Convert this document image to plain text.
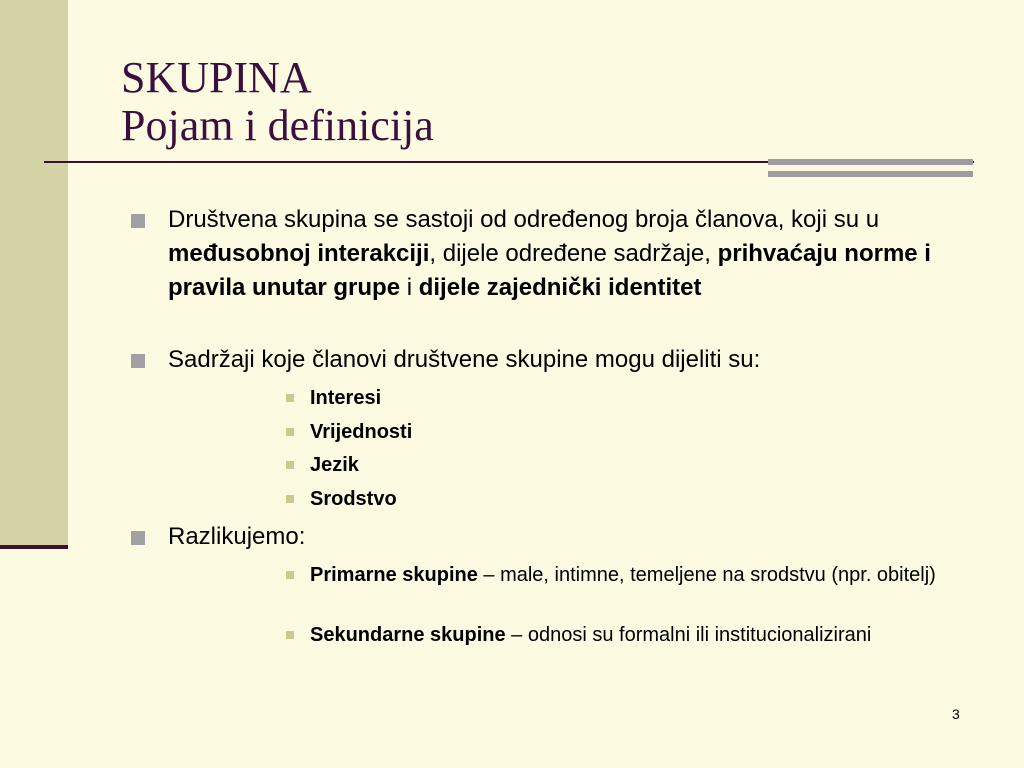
SKUPINA
Pojam i definicija
Društvena skupina se sastoji od određenog broja članova, koji su u međusobnoj interakciji, dijele određene sadržaje, prihvaćaju norme i pravila unutar grupe i dijele zajednički identitet
Sadržaji koje članovi društvene skupine mogu dijeliti su:
Interesi
Vrijednosti
Jezik
Srodstvo
Razlikujemo:
Primarne skupine – male, intimne, temeljene na srodstvu (npr. obitelj)
Sekundarne skupine – odnosi su formalni ili institucionalizirani
3
